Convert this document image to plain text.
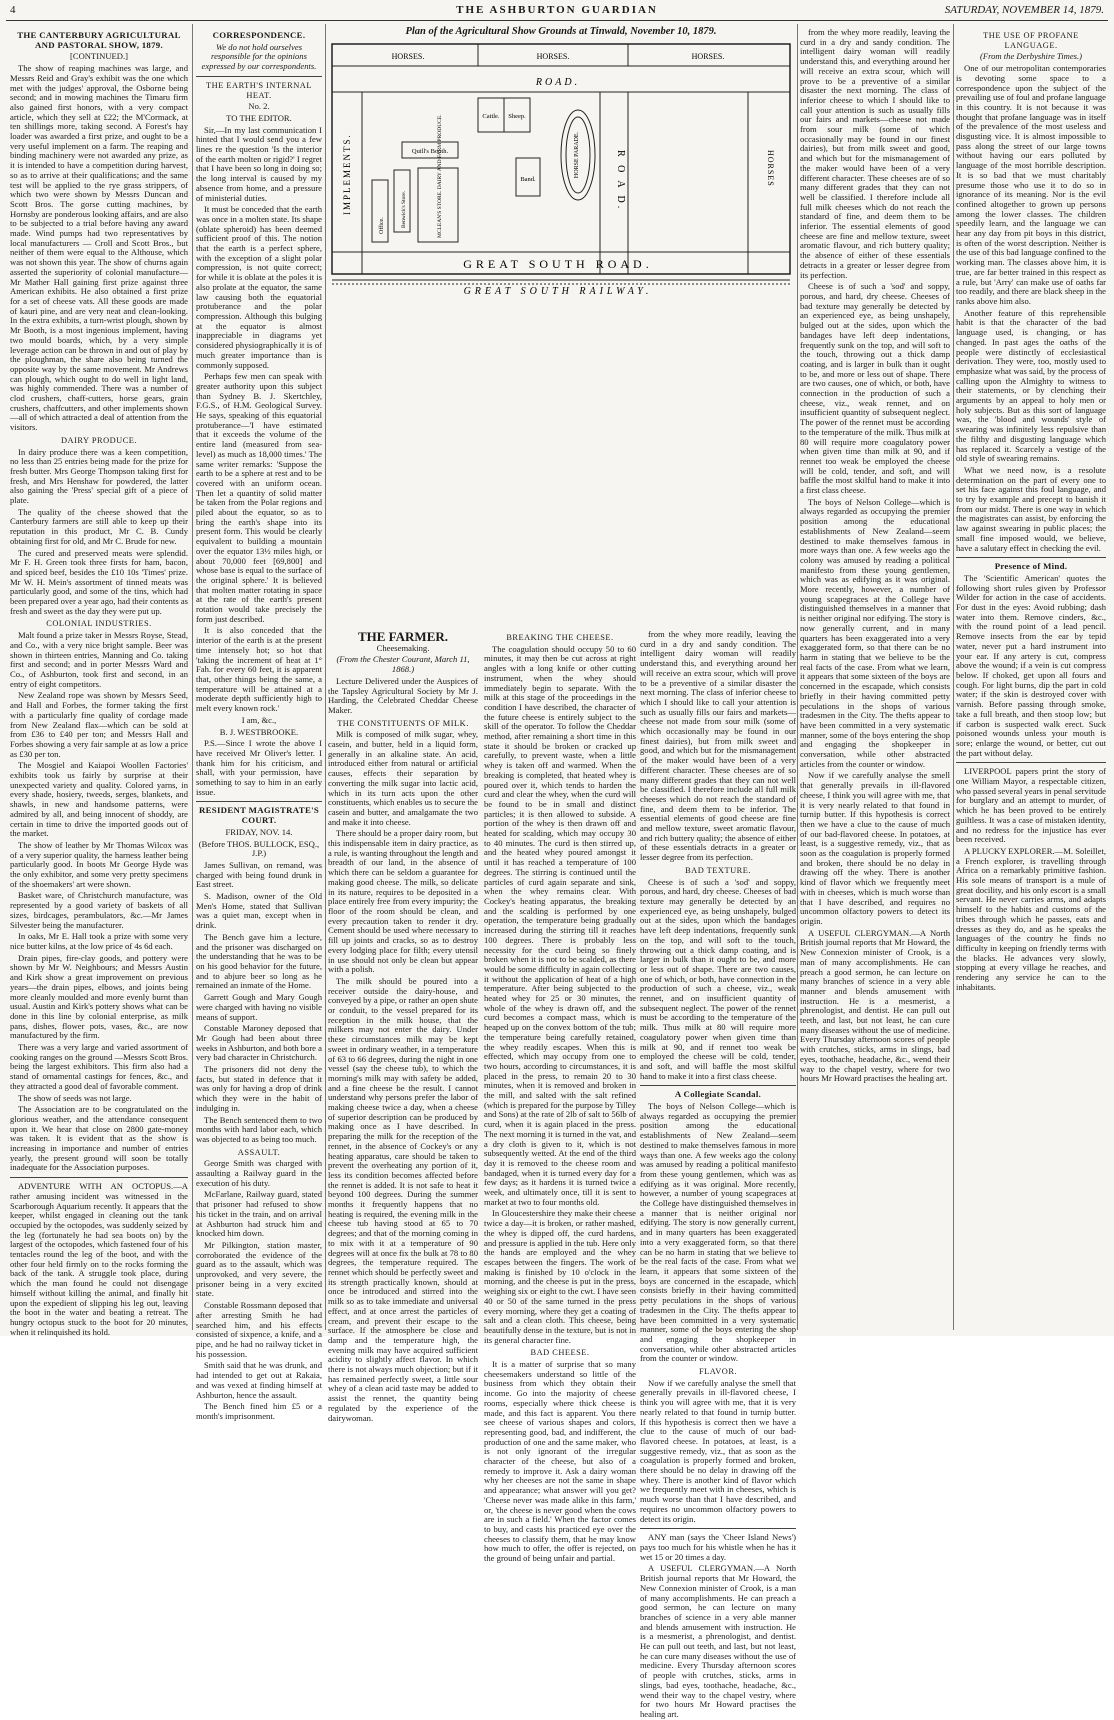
4	THE ASHBURTON GUARDIAN	SATURDAY, NOVEMBER 14, 1879.
THE CANTERBURY AGRICULTURAL AND PASTORAL SHOW, 1879.

[CONTINUED.]

The show of reaping machines was large, and Messrs Reid and Gray's exhibit was the one which met with the judges' approval, the Osborne being second; and in mowing machines the Timaru firm also gained first honors, with a very compact article, which they sell at £22; the M'Cormack, at ten shillings more, taking second. A Forest's hay loader was awarded a first prize, and ought to be a very useful implement on a farm. The reaping and binding machinery were not awarded any prize, as it is intended to have a competition during harvest, so as to arrive at their qualifications; and the same test will be applied to the rye grass strippers, of which two were shown by Messrs Duncan and Scott Bros. The gorse cutting machines, by Hornsby are ponderous looking affairs, and are also to be subjected to a trial before having any award made. Wind pumps had two representatives by local manufacturers — Croll and Scott Bros., but neither of them were equal to the Althouse, which was not shown this year. The show of churns again asserted the superiority of colonial manufacture—Mr Mather Hall gaining first prize against three American exhibits. He also obtained a first prize for a set of cheese vats. All these goods are made of kauri pine, and are very neat and clean-looking. In the extra exhibits, a turn-wrist plough, shown by Mr Booth, is a most ingenious implement, having two mould boards, which, by a very simple leverage action can be thrown in and out of play by the ploughman, the share also being turned the opposite way by the same movement. Mr Andrews can plough, which ought to do well in light land, was highly commended. There was a number of clod crushers, chaff-cutters, horse gears, grain crushers, chaffcutters, and other implements shown—all of which attracted a deal of attention from the visitors.

DAIRY PRODUCE.

In dairy produce there was a keen competition, no less than 25 entries being made for the prize for fresh butter. Mrs George Thompson taking first for fresh, and Mrs Henshaw for powdered, the latter also gaining the 'Press' special gift of a piece of plate.

The quality of the cheese showed that the Canterbury farmers are still able to keep up their reputation in this product, Mr C. B. Cundy obtaining first for old, and Mr C. Brude for new.

The cured and preserved meats were splendid. Mr F. H. Green took three firsts for ham, bacon, and spiced beef, besides the £10 10s 'Times' prize. Mr W. H. Mein's assortment of tinned meats was particularly good, and some of the tins, which had been prepared over a year ago, had their contents as fresh and sweet as the day they were put up.

COLONIAL INDUSTRIES.

Malt found a prize taker in Messrs Royse, Stead, and Co., with a very nice bright sample. Beer was shown in thirteen entries, Manning and Co. taking first and second; and in porter Messrs Ward and Co., of Ashburton, took first and second, in an entry of eight competitors.

New Zealand rope was shown by Messrs Seed, and Hall and Forbes, the former taking the first with a particularly fine quality of cordage made from New Zealand flax—which can be sold at from £36 to £40 per ton; and Messrs Hall and Forbes showing a very fair sample at as low a price as £30 per ton.

The Mosgiel and Kaiapoi Woollen Factories' exhibits took us fairly by surprise at their unexpected variety and quality. Colored yarns, in every shade, hosiery, tweeds, serges, blankets, and shawls, in new and handsome patterns, were admired by all, and being innocent of shoddy, are certain in time to drive the imported goods out of the market.

The show of leather by Mr Thomas Wilcox was of a very superior quality, the harness leather being particularly good. In boots Mr George Hyde was the only exhibitor, and some very pretty specimens of the shoemakers' art were shown.

Basket ware, of Christchurch manufacture, was represented by a good variety of baskets of all sizes, birdcages, perambulators, &c.—Mr James Silvester being the manufacturer.

In oaks, Mr E. Hall took a prize with some very nice butter kilns, at the low price of 4s 6d each.

Drain pipes, fire-clay goods, and pottery were shown by Mr W. Neighbours; and Messrs Austin and Kirk show a great improvement on previous years—the drain pipes, elbows, and joints being more cleanly moulded and more evenly burnt than usual. Austin and Kirk's pottery shows what can be done in this line by colonial enterprise, as milk pans, dishes, flower pots, vases, &c., are now manufactured by the firm.

There was a very large and varied assortment of cooking ranges on the ground —Messrs Scott Bros. being the largest exhibitors. This firm also had a stand of ornamental castings for fences, &c., and they attracted a good deal of favorable comment.

The show of seeds was not large.

The Association are to be congratulated on the glorious weather, and the attendance consequent upon it. We hear that close on 2800 gate-money was taken. It is evident that as the show is increasing in importance and number of entries yearly, the present ground will soon be totally inadequate for the Association purposes.

ADVENTURE WITH AN OCTOPUS.—A rather amusing incident was witnessed in the Scarborough Aquarium recently. It appears that the keeper, whilst engaged in cleaning out the tank occupied by the octopodes, was suddenly seized by the leg (fortunately he had sea boots on) by the largest of the octopodes, which fastened four of his tentacles round the leg of the boot, and with the other four held firmly on to the rocks forming the back of the tank. A struggle took place, during which the man found he could not disengage himself without killing the animal, and finally hit upon the expedient of slipping his leg out, leaving the boot in the water and beating a retreat. The hungry octopus stuck to the boot for 20 minutes, when it relinquished its hold.

CORRESPONDENCE.

We do not hold ourselves responsible for the opinions expressed by our correspondents.

THE EARTH'S INTERNAL HEAT.

No. 2.

TO THE EDITOR.

Sir,—In my last communication I hinted that I would send you a few lines re the question 'Is the interior of the earth molten or rigid?' I regret that I have been so long in doing so; the long interval is caused by my absence from home, and a pressure of ministerial duties.

It must be conceded that the earth was once in a molten state. Its shape (oblate spheroid) has been deemed sufficient proof of this. The notion that the earth is a perfect sphere, with the exception of a slight polar compression, is not quite correct; for while it is oblate at the poles it is also prolate at the equator, the same law causing both the equatorial protuberance and the polar compression. Although this bulging at the equator is almost inappreciable in diagrams yet considered physiographically it is of much greater importance than is commonly supposed.

Perhaps few men can speak with greater authority upon this subject than Sydney B. J. Skertchley, F.G.S., of H.M. Geological Survey. He says, speaking of this equatorial protuberance—'I have estimated that it exceeds the volume of the entire land (measured from sea-level) as much as 18,000 times.' The same writer remarks: 'Suppose the earth to be a sphere at rest and to be covered with an uniform ocean. Then let a quantity of solid matter be taken from the Polar regions and piled about the equator, so as to bring the earth's shape into its present form. This would be clearly equivalent to building a mountain over the equator 13½ miles high, or about 70,000 feet [69,800] and whose base is equal to the surface of the original sphere.' It is believed that molten matter rotating in space at the rate of the earth's present rotation would take precisely the form just described.

It is also conceded that the interior of the earth is at the present time intensely hot; so hot that 'taking the increment of heat at 1° Fah. for every 60 feet, it is apparent that, other things being the same, a temperature will be attained at a moderate depth sufficiently high to melt every known rock.'

I am, &c.,

B. J. WESTBROOKE.

P.S.—Since I wrote the above I have received Mr Oliver's letter. I thank him for his criticism, and shall, with your permission, have something to say to him in an early issue.

RESIDENT MAGISTRATE'S COURT.

FRIDAY, NOV. 14.

(Before THOS. BULLOCK, ESQ., J.P.)

James Sullivan, on remand, was charged with being found drunk in East street.

S. Madison, owner of the Old Men's Home, stated that Sullivan was a quiet man, except when in drink.

The Bench gave him a lecture, and the prisoner was discharged on the understanding that he was to be on his good behavior for the future, and to abjure beer so long as he remained an inmate of the Home.

Garrett Gough and Mary Gough were charged with having no visible means of support.

Constable Maroney deposed that Mr Gough had been about three weeks in Ashburton, and both bore a very bad character in Christchurch.

The prisoners did not deny the facts, but stated in defence that it was only for having a drop of drink which they were in the habit of indulging in.

The Bench sentenced them to two months with hard labor each, which was objected to as being too much.

ASSAULT.

George Smith was charged with assaulting a Railway guard in the execution of his duty.

McFarlane, Railway guard, stated that prisoner had refused to show his ticket in the train, and on arrival at Ashburton had struck him and knocked him down.

Mr Pilkington, station master, corroborated the evidence of the guard as to the assault, which was unprovoked, and very severe, the prisoner being in a very excited state.

Constable Rossmann deposed that after arresting Smith he had searched him, and his effects consisted of sixpence, a knife, and a pipe, and he had no railway ticket in his possession.

Smith said that he was drunk, and had intended to get out at Rakaia, and was vexed at finding himself at Ashburton, hence the assault.

The Bench fined him £5 or a month's imprisonment.

Plan of the Agricultural Show Grounds at Tinwald, November 10, 1879.
HORSES.	HORSES.	HORSES.
ROAD.
IMPLEMENTS.	R O A D.	HORSES
Cattle. Sheep.
Quill's Booth.
Band.
HORSE PARADE.
Office.	Benwick's Store.	MCLEAN'S STORE. DAIRY AND FARM PRODUCE.
GREAT SOUTH ROAD.
GREAT SOUTH RAILWAY.
THE FARMER.

Cheesemaking.

(From the Chester Courant, March 11, 1868.)

Lecture Delivered under the Auspices of the Tapsley Agricultural Society by Mr J. Harding, the Celebrated Cheddar Cheese Maker.

THE CONSTITUENTS OF MILK.

Milk is composed of milk sugar, whey, casein, and butter, held in a liquid form, generally in an alkaline state. An acid, introduced either from natural or artificial causes, effects their separation by converting the milk sugar into lactic acid, which in its turn acts upon the other constituents, which enables us to secure the casein and butter, and amalgamate the two and make it into cheese.

There should be a proper dairy room, but this indispensable item in dairy practice, as a rule, is wanting throughout the length and breadth of our land, in the absence of which there can be seldom a guarantee for making good cheese. The milk, so delicate in its nature, requires to be deposited in a place entirely free from every impurity; the floor of the room should be clean, and every precaution taken to render it dry. Cement should be used where necessary to fill up joints and cracks, so as to destroy every lodging place for filth; every utensil in use should not only be clean but appear with a polish.

The milk should be poured into a receiver outside the dairy-house, and conveyed by a pipe, or rather an open shute or conduit, to the vessel prepared for its reception in the milk house, that the milkers may not enter the dairy. Under these circumstances milk may be kept sweet in ordinary weather, in a temperature of 63 to 66 degrees, during the night in one vessel (say the cheese tub), to which the morning's milk may with safety be added, and a fine cheese be the result. I cannot understand why persons prefer the labor of making cheese twice a day, when a cheese of superior description can be produced by making once as I have described. In preparing the milk for the reception of the rennet, in the absence of Cockey's or any heating apparatus, care should be taken to prevent the overheating any portion of it, less its condition becomes affected before the rennet is added. It is not safe to heat it beyond 100 degrees. During the summer months it frequently happens that no heating is required, the evening milk in the cheese tub having stood at 65 to 70 degrees; and that of the morning coming in to mix with it at a temperature of 90 degrees will at once fix the bulk at 78 to 80 degrees, the temperature required. The rennet which should be perfectly sweet and its strength practically known, should at once be introduced and stirred into the milk so as to take immediate and universal effect, and at once arrest the particles of cream, and prevent their escape to the surface. If the atmosphere be close and damp and the temperature high, the evening milk may have acquired sufficient acidity to slightly affect flavor. In which there is not always much objection; but if it has remained perfectly sweet, a little sour whey of a clean acid taste may be added to assist the rennet, the quantity being regulated by the experience of the dairywoman.

BREAKING THE CHEESE.

The coagulation should occupy 50 to 60 minutes, it may then be cut across at right angles with a long knife or other cutting instrument, when the whey should immediately begin to separate. With the milk at this stage of the proceedings in the condition I have described, the character of the future cheese is entirely subject to the skill of the operator. To follow the Cheddar method, after remaining a short time in this state it should be broken or cracked up carefully, to prevent waste, when a little whey is taken off and warmed. When the breaking is completed, that heated whey is poured over it, which tends to harden the curd and clear the whey, when the curd will be found to be in small and distinct particles; it is then allowed to subside. A portion of the whey is then drawn off and heated for scalding, which may occupy 30 to 40 minutes. The curd is then stirred up, and the heated whey poured amongst it until it has reached a temperature of 100 degrees. The stirring is continued until the particles of curd again separate and sink, when the whey remains clear. With Cockey's heating apparatus, the breaking and the scalding is performed by one operation, the temperature being gradually increased during the stirring till it reaches 100 degrees. There is probably less necessity for the curd being so finely broken when it is not to be scalded, as there would be some difficulty in again collecting it without the application of heat of a high temperature. After being subjected to the heated whey for 25 or 30 minutes, the whole of the whey is drawn off, and the curd becomes a compact mass, which is heaped up on the convex bottom of the tub; the temperature being carefully retained, the whey readily escapes. When this is effected, which may occupy from one to two hours, according to circumstances, it is placed in the press, to remain 20 to 30 minutes, when it is removed and broken in the mill, and salted with the salt refined (which is prepared for the purpose by Tilley and Sons) at the rate of 2lb of salt to 56lb of curd, when it is again placed in the press. The next morning it is turned in the vat, and a dry cloth is given to it, which is not subsequently wetted. At the end of the third day it is removed to the cheese room and bandaged, when it is turned every day for a few days; as it hardens it is turned twice a week, and ultimately once, till it is sent to market at two to four months old.

In Gloucestershire they make their cheese twice a day—it is broken, or rather mashed, the whey is dipped off, the curd hardens, and pressure is applied in the tub. Here only the hands are employed and the whey escapes between the fingers. The work of making is finished by 10 o'clock in the morning, and the cheese is put in the press, weighing six or eight to the cwt. I have seen 40 or 50 of the same turned in the press every morning, where they get a coating of salt and a clean cloth. This cheese, being beautifully dense in the texture, but is not in its general character fine.

BAD CHEESE.

It is a matter of surprise that so many cheesemakers understand so little of the business from which they obtain their income. Go into the majority of cheese rooms, especially where thick cheese is made, and this fact is apparent. You there see cheese of various shapes and colors, representing good, bad, and indifferent, the production of one and the same maker, who is not only ignorant of the irregular character of the cheese, but also of a remedy to improve it. Ask a dairy woman why her cheeses are not the same in shape and appearance; what answer will you get? 'Cheese never was made alike in this farm,' or, 'the cheese is never good when the cows are in such a field.' When the factor comes to buy, and casts his practiced eye over the cheeses to classify them, that he may know how much to offer, the offer is rejected, on the ground of being unfair and partial.

from the whey more readily, leaving the curd in a dry and sandy condition. The intelligent dairy woman will readily understand this, and everything around her will receive an extra scour, which will prove to be a preventive of a similar disaster the next morning. The class of inferior cheese to which I should like to call your attention is such as usually fills our fairs and markets—cheese not made from sour milk (some of which occasionally may be found in our finest dairies), but from milk sweet and good, and which but for the mismanagement of the maker would have been of a very different character. These cheeses are of so many different grades that they can not well be classified. I therefore include all full milk cheeses which do not reach the standard of fine, and deem them to be inferior. The essential elements of good cheese are fine and mellow texture, sweet aromatic flavour, and rich buttery quality; the absence of either of these essentials detracts in a greater or lesser degree from its perfection.

BAD TEXTURE.

Cheese is of such a 'sod' and soppy, porous, and hard, dry cheese. Cheeses of bad texture may generally be detected by an experienced eye, as being unshapely, bulged out at the sides, upon which the bandages have left deep indentations, frequently sunk on the top, and will soft to the touch, throwing out a thick damp coating, and is larger in bulk than it ought to be, and more or less out of shape. There are two causes, one of which, or both, have connection in the production of such a cheese, viz., weak rennet, and on insufficient quantity of subsequent neglect. The power of the rennet must be according to the temperature of the milk. Thus milk at 80 will require more coagulatory power when given time than milk at 90, and if rennet too weak be employed the cheese will be cold, tender, and soft, and will baffle the most skilful hand to make it into a first class cheese.

A Collegiate Scandal.

The boys of Nelson College—which is always regarded as occupying the premier position among the educational establishments of New Zealand—seem destined to make themselves famous in more ways than one. A few weeks ago the colony was amused by reading a political manifesto from these young gentlemen, which was as edifying as it was original. More recently, however, a number of young scapegraces at the College have distinguished themselves in a manner that is neither original nor edifying. The story is now generally current, and in many quarters has been exaggerated into a very exaggerated form, so that there can be no harm in stating that we believe to be the real facts of the case. From what we learn, it appears that some sixteen of the boys are concerned in the escapade, which consists briefly in their having committed petty peculations in the shops of various tradesmen in the City. The thefts appear to have been committed in a very systematic manner, some of the boys entering the shop and engaging the shopkeeper in conversation, while other abstracted articles from the counter or window.

FLAVOR.

Now if we carefully analyse the smell that generally prevails in ill-flavored cheese, I think you will agree with me, that it is very nearly related to that found in turnip butter. If this hypothesis is correct then we have a clue to the cause of much of our bad-flavored cheese. In potatoes, at least, is a suggestive remedy, viz., that as soon as the coagulation is properly formed and broken, there should be no delay in drawing off the whey. There is another kind of flavor which we frequently meet with in cheeses, which is much worse than that I have described, and requires no uncommon olfactory powers to detect its origin.

ANY man (says the 'Cheer Island News') pays too much for his whistle when he has it wet 15 or 20 times a day.

A USEFUL CLERGYMAN.—A North British journal reports that Mr Howard, the New Connexion minister of Crook, is a man of many accomplishments. He can preach a good sermon, he can lecture on many branches of science in a very able manner and blends amusement with instruction. He is a mesmerist, a phrenologist, and dentist. He can pull out teeth, and last, but not least, he can cure many diseases without the use of medicine. Every Thursday afternoon scores of people with crutches, sticks, arms in slings, bad eyes, toothache, headache, &c., wend their way to the chapel vestry, where for two hours Mr Howard practises the healing art.

from the whey more readily, leaving the curd in a dry and sandy condition. The intelligent dairy woman will readily understand this, and everything around her will receive an extra scour, which will prove to be a preventive of a similar disaster the next morning. The class of inferior cheese to which I should like to call your attention is such as usually fills our fairs and markets—cheese not made from sour milk (some of which occasionally may be found in our finest dairies), but from milk sweet and good, and which but for the mismanagement of the maker would have been of a very different character. These cheeses are of so many different grades that they can not well be classified. I therefore include all full milk cheeses which do not reach the standard of fine, and deem them to be inferior. The essential elements of good cheese are fine and mellow texture, sweet aromatic flavour, and rich buttery quality; the absence of either of these essentials detracts in a greater or lesser degree from its perfection.

Cheese is of such a 'sod' and soppy, porous, and hard, dry cheese. Cheeses of bad texture may generally be detected by an experienced eye, as being unshapely, bulged out at the sides, upon which the bandages have left deep indentations, frequently sunk on the top, and will soft to the touch, throwing out a thick damp coating, and is larger in bulk than it ought to be, and more or less out of shape. There are two causes, one of which, or both, have connection in the production of such a cheese, viz., weak rennet, and on insufficient quantity of subsequent neglect. The power of the rennet must be according to the temperature of the milk. Thus milk at 80 will require more coagulatory power when given time than milk at 90, and if rennet too weak be employed the cheese will be cold, tender, and soft, and will baffle the most skilful hand to make it into a first class cheese.

The boys of Nelson College—which is always regarded as occupying the premier position among the educational establishments of New Zealand—seem destined to make themselves famous in more ways than one. A few weeks ago the colony was amused by reading a political manifesto from these young gentlemen, which was as edifying as it was original. More recently, however, a number of young scapegraces at the College have distinguished themselves in a manner that is neither original nor edifying. The story is now generally current, and in many quarters has been exaggerated into a very exaggerated form, so that there can be no harm in stating that we believe to be the real facts of the case. From what we learn, it appears that some sixteen of the boys are concerned in the escapade, which consists briefly in their having committed petty peculations in the shops of various tradesmen in the City. The thefts appear to have been committed in a very systematic manner, some of the boys entering the shop and engaging the shopkeeper in conversation, while other abstracted articles from the counter or window.

Now if we carefully analyse the smell that generally prevails in ill-flavored cheese, I think you will agree with me, that it is very nearly related to that found in turnip butter. If this hypothesis is correct then we have a clue to the cause of much of our bad-flavored cheese. In potatoes, at least, is a suggestive remedy, viz., that as soon as the coagulation is properly formed and broken, there should be no delay in drawing off the whey. There is another kind of flavor which we frequently meet with in cheeses, which is much worse than that I have described, and requires no uncommon olfactory powers to detect its origin.

A USEFUL CLERGYMAN.—A North British journal reports that Mr Howard, the New Connexion minister of Crook, is a man of many accomplishments. He can preach a good sermon, he can lecture on many branches of science in a very able manner and blends amusement with instruction. He is a mesmerist, a phrenologist, and dentist. He can pull out teeth, and last, but not least, he can cure many diseases without the use of medicine. Every Thursday afternoon scores of people with crutches, sticks, arms in slings, bad eyes, toothache, headache, &c., wend their way to the chapel vestry, where for two hours Mr Howard practises the healing art.

THE USE OF PROFANE LANGUAGE.

(From the Derbyshire Times.)

One of our metropolitan contemporaries is devoting some space to a correspondence upon the subject of the prevailing use of foul and profane language in this country. It is not because it was thought that profane language was in itself of the prevalence of the most useless and disgusting vice. It is almost impossible to pass along the street of our large towns without having our ears polluted by language of the most horrible description. It is so bad that we must charitably presume those who use it to do so in ignorance of its meaning. Nor is the evil confined altogether to grown up persons among the lower classes. The children speedily learn, and the language we can hear any day from pit boys in this district, is often of the worst description. Neither is the use of this bad language confined to the working man. The classes above him, it is true, are far better trained in this respect as a rule, but 'Arry' can make use of oaths far too readily, and there are black sheep in the ranks above him also.

Another feature of this reprehensible habit is that the character of the bad language used, is changing, or has changed. In past ages the oaths of the people were distinctly of ecclesiastical derivation. They were, too, mostly used to emphasize what was said, by the process of calling upon the Almighty to witness to their statements, or by clenching their arguments by an appeal to holy men or holy subjects. But as this sort of language was, the 'blood and wounds' style of swearing was infinitely less repulsive than the filthy and disgusting language which has replaced it. Scarcely a vestige of the old style of swearing remains.

What we need now, is a resolute determination on the part of every one to set his face against this foul language, and to try by example and precept to banish it from our midst. There is one way in which the magistrates can assist, by enforcing the law against swearing in public places; the small fine imposed would, we believe, have a salutary effect in checking the evil.

Presence of Mind.

The 'Scientific American' quotes the following short rules given by Professor Wilder for action in the case of accidents. For dust in the eyes: Avoid rubbing; dash water into them. Remove cinders, &c., with the round point of a lead pencil. Remove insects from the ear by tepid water, never put a hard instrument into your ear. If any artery is cut, compress above the wound; if a vein is cut compress below. If choked, get upon all fours and cough. For light burns, dip the part in cold water; if the skin is destroyed cover with varnish. Before passing through smoke, take a full breath, and then stoop low; but if carbon is suspected walk erect. Suck poisoned wounds unless your mouth is sore; enlarge the wound, or better, cut out the part without delay.

LIVERPOOL papers print the story of one William Mayor, a respectable citizen, who passed several years in penal servitude for burglary and an attempt to murder, of which he has been proved to be entirely guiltless. It was a case of mistaken identity, and no redress for the injustice has ever been received.

A PLUCKY EXPLORER.—M. Soleillet, a French explorer, is travelling through Africa on a remarkably primitive fashion. His sole means of transport is a mule of great docility, and his only escort is a small servant. He never carries arms, and adapts himself to the habits and customs of the tribes through which he passes, eats and dresses as they do, and as he speaks the languages of the country he finds no difficulty in keeping on friendly terms with the blacks. He advances very slowly, stopping at every village he reaches, and rendering any service he can to the inhabitants.
